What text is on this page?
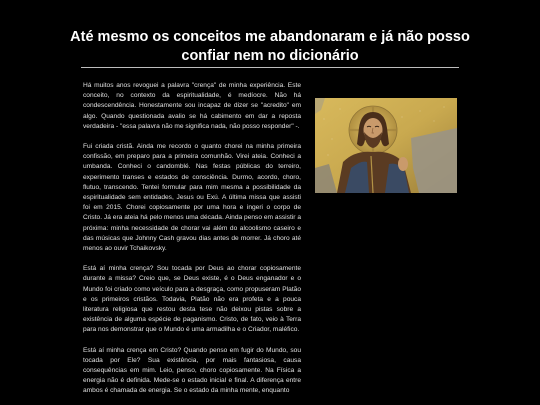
Até mesmo os conceitos me abandonaram e já não posso confiar nem no dicionário

Há muitos anos revoguei a palavra "crença" de minha experiência. Este conceito, no contexto da espiritualidade, é medíocre. Não há condescendência. Honestamente sou incapaz de dizer se "acredito" em algo. Quando questionada avalio se há cabimento em dar a reposta verdadeira - "essa palavra não me significa nada, não posso responder" -.

Fui criada cristã. Ainda me recordo o quanto chorei na minha primeira confissão, em preparo para a primeira comunhão. Virei ateia. Conheci a umbanda. Conheci o candomblé. Nas festas públicas do terreiro, experimento transes e estados de consciência. Durmo, acordo, choro, flutuo, transcendo. Tentei formular para mim mesma a possibilidade da espiritualidade sem entidades, Jesus ou Exú. A última missa que assisti foi em 2015. Chorei copiosamente por uma hora e ingeri o corpo de Cristo. Já era ateia há pelo menos uma década. Ainda penso em assistir a próxima: minha necessidade de chorar vai além do alcoolismo caseiro e das músicas que Johnny Cash gravou dias antes de morrer. Já choro até menos ao ouvir Tchaikovsky.

Está aí minha crença? Sou tocada por Deus ao chorar copiosamente durante a missa? Creio que, se Deus existe, é o Deus enganador e o Mundo foi criado como veículo para a desgraça, como propuseram Platão e os primeiros cristãos. Todavia, Platão não era profeta e a pouca literatura religiosa que restou desta tese não deixou pistas sobre a existência de alguma espécie de paganismo. Cristo, de fato, veio à Terra para nos demonstrar que o Mundo é uma armadilha e o Criador, maléfico.

Está aí minha crença em Cristo? Quando penso em fugir do Mundo, sou tocada por Ele? Sua existência, por mais fantasiosa, causa consequências em mim. Leio, penso, choro copiosamente. Na Física a energia não é definida. Mede-se o estado inicial e final. A diferença entre ambos é chamada de energia. Se o estado da minha mente, enquanto
